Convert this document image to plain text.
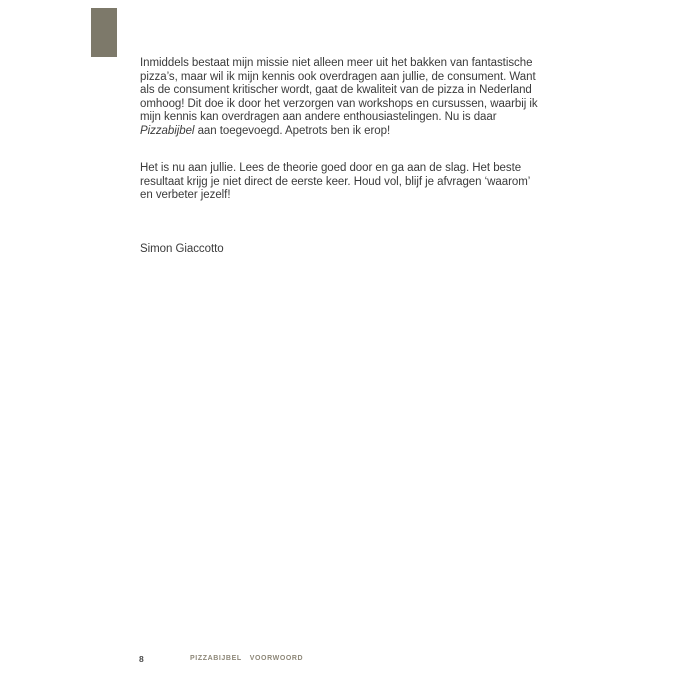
Inmiddels bestaat mijn missie niet alleen meer uit het bakken van fantastische pizza’s, maar wil ik mijn kennis ook overdragen aan jullie, de consument. Want als de consument kritischer wordt, gaat de kwaliteit van de pizza in Nederland omhoog! Dit doe ik door het verzorgen van workshops en cursussen, waarbij ik mijn kennis kan overdragen aan andere enthousiastelingen. Nu is daar Pizzabijbel aan toegevoegd. Apetrots ben ik erop!

Het is nu aan jullie. Lees de theorie goed door en ga aan de slag. Het beste resultaat krijg je niet direct de eerste keer. Houd vol, blijf je afvragen ‘waarom’ en verbeter jezelf!

Simon Giaccotto

8	PIZZABIJBEL VOORWOORD
